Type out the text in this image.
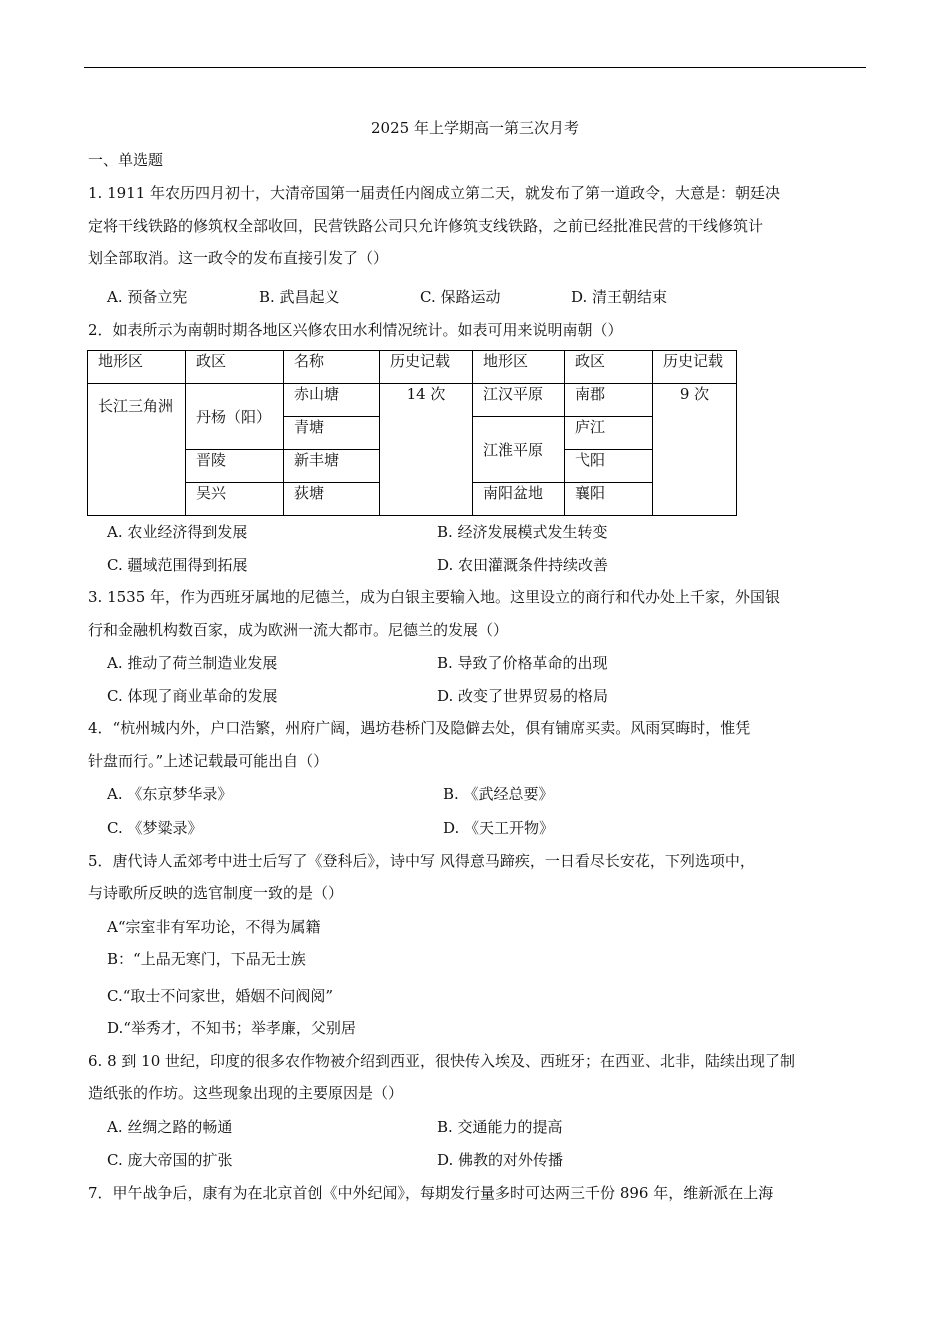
2025 年上学期高一第三次月考
一、单选题
1. 1911 年农历四月初十，大清帝国第一届责任内阁成立第二天，就发布了第一道政令，大意是：朝廷决
定将干线铁路的修筑权全部收回，民营铁路公司只允许修筑支线铁路，之前已经批准民营的干线修筑计
划全部取消。这一政令的发布直接引发了（）
A. 预备立宪	B. 武昌起义	C. 保路运动	D. 清王朝结束
2．如表所示为南朝时期各地区兴修农田水利情况统计。如表可用来说明南朝（）
地形区	政区	名称	历史记载	地形区	政区	历史记载
长江三角洲	丹杨（阳）	赤山塘	14 次	江汉平原	南郡	9 次
		青塘		江淮平原	庐江	
	晋陵	新丰塘			弋阳	
	吴兴	荻塘		南阳盆地	襄阳	
A. 农业经济得到发展	B. 经济发展模式发生转变
C. 疆域范围得到拓展	D. 农田灌溉条件持续改善
3. 1535 年，作为西班牙属地的尼德兰，成为白银主要输入地。这里设立的商行和代办处上千家，外国银
行和金融机构数百家，成为欧洲一流大都市。尼德兰的发展（）
A. 推动了荷兰制造业发展	B. 导致了价格革命的出现
C. 体现了商业革命的发展	D. 改变了世界贸易的格局
4．“杭州城内外，户口浩繁，州府广阔，遇坊巷桥门及隐僻去处，俱有铺席买卖。风雨冥晦时，惟凭
针盘而行。”上述记载最可能出自（）
A. 《东京梦华录》	B. 《武经总要》
C. 《梦粱录》	D. 《天工开物》
5．唐代诗人孟郊考中进士后写了《登科后》，诗中写 风得意马蹄疾，一日看尽长安花，下列选项中，
与诗歌所反映的选官制度一致的是（）
A“宗室非有军功论，不得为属籍
B：“上品无寒门，下品无士族
C.“取士不问家世，婚姻不问阀阅”
D.“举秀才，不知书；举孝廉，父别居
6. 8 到 10 世纪，印度的很多农作物被介绍到西亚，很快传入埃及、西班牙；在西亚、北非，陆续出现了制
造纸张的作坊。这些现象出现的主要原因是（）
A. 丝绸之路的畅通	B. 交通能力的提高
C. 庞大帝国的扩张	D. 佛教的对外传播
7．甲午战争后，康有为在北京首创《中外纪闻》，每期发行量多时可达两三千份 896 年，维新派在上海
